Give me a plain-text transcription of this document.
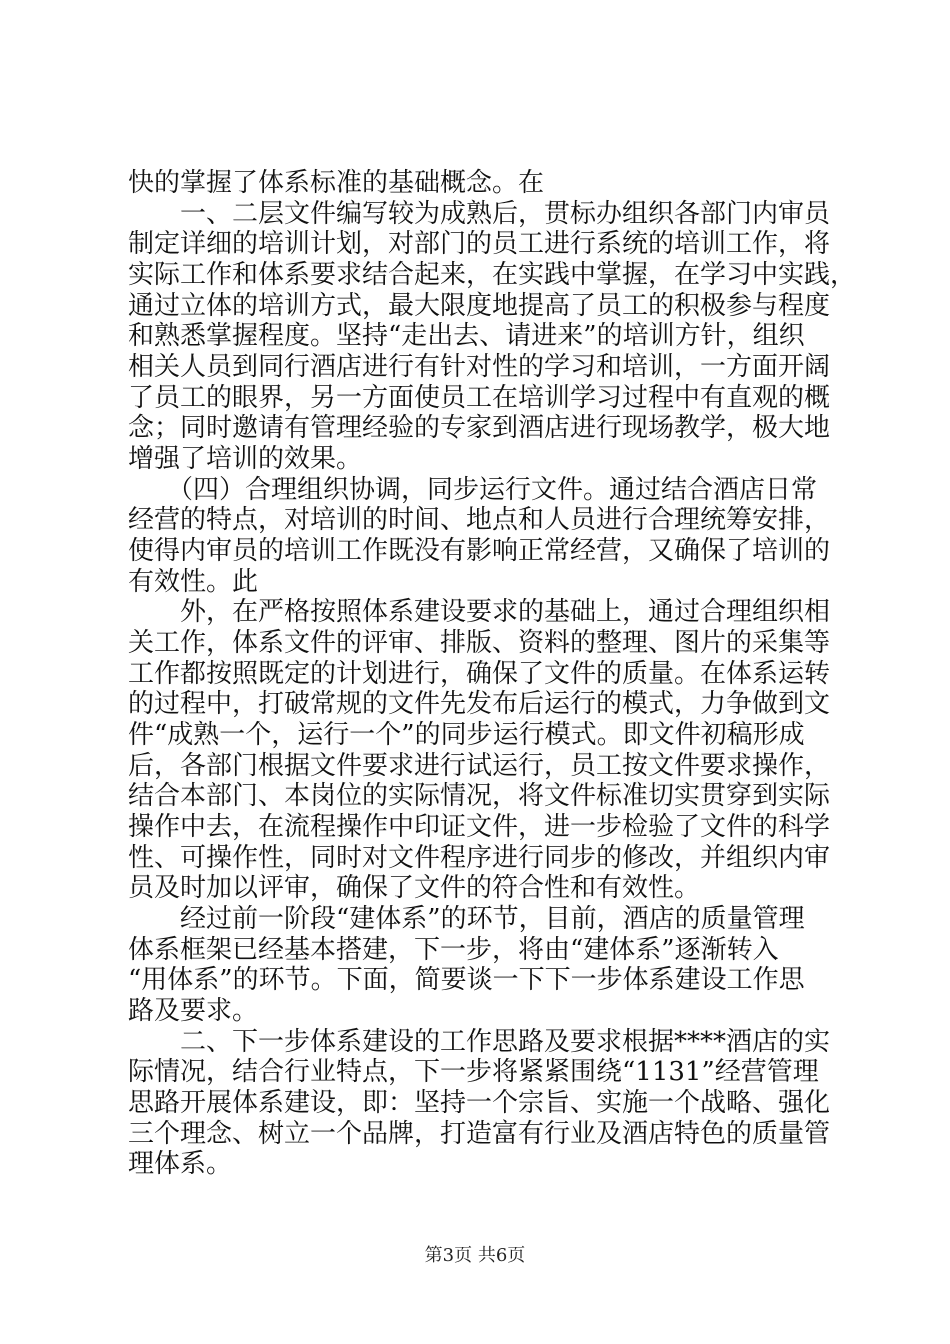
快的掌握了体系标准的基础概念。在
　　一、二层文件编写较为成熟后，贯标办组织各部门内审员
制定详细的培训计划，对部门的员工进行系统的培训工作，将
实际工作和体系要求结合起来，在实践中掌握，在学习中实践，
通过立体的培训方式，最大限度地提高了员工的积极参与程度
和熟悉掌握程度。坚持“走出去、请进来”的培训方针，组织
相关人员到同行酒店进行有针对性的学习和培训，一方面开阔
了员工的眼界，另一方面使员工在培训学习过程中有直观的概
念；同时邀请有管理经验的专家到酒店进行现场教学，极大地
增强了培训的效果。
　　（四）合理组织协调，同步运行文件。通过结合酒店日常
经营的特点，对培训的时间、地点和人员进行合理统筹安排，
使得内审员的培训工作既没有影响正常经营，又确保了培训的
有效性。此
　　外，在严格按照体系建设要求的基础上，通过合理组织相
关工作，体系文件的评审、排版、资料的整理、图片的采集等
工作都按照既定的计划进行，确保了文件的质量。在体系运转
的过程中，打破常规的文件先发布后运行的模式，力争做到文
件“成熟一个，运行一个”的同步运行模式。即文件初稿形成
后，各部门根据文件要求进行试运行，员工按文件要求操作，
结合本部门、本岗位的实际情况，将文件标准切实贯穿到实际
操作中去，在流程操作中印证文件，进一步检验了文件的科学
性、可操作性，同时对文件程序进行同步的修改，并组织内审
员及时加以评审，确保了文件的符合性和有效性。
　　经过前一阶段“建体系”的环节，目前，酒店的质量管理
体系框架已经基本搭建，下一步，将由“建体系”逐渐转入
“用体系”的环节。下面，简要谈一下下一步体系建设工作思
路及要求。
　　二、下一步体系建设的工作思路及要求根据****酒店的实
际情况，结合行业特点，下一步将紧紧围绕“1131”经营管理
思路开展体系建设，即：坚持一个宗旨、实施一个战略、强化
三个理念、树立一个品牌，打造富有行业及酒店特色的质量管
理体系。
第3页 共6页
